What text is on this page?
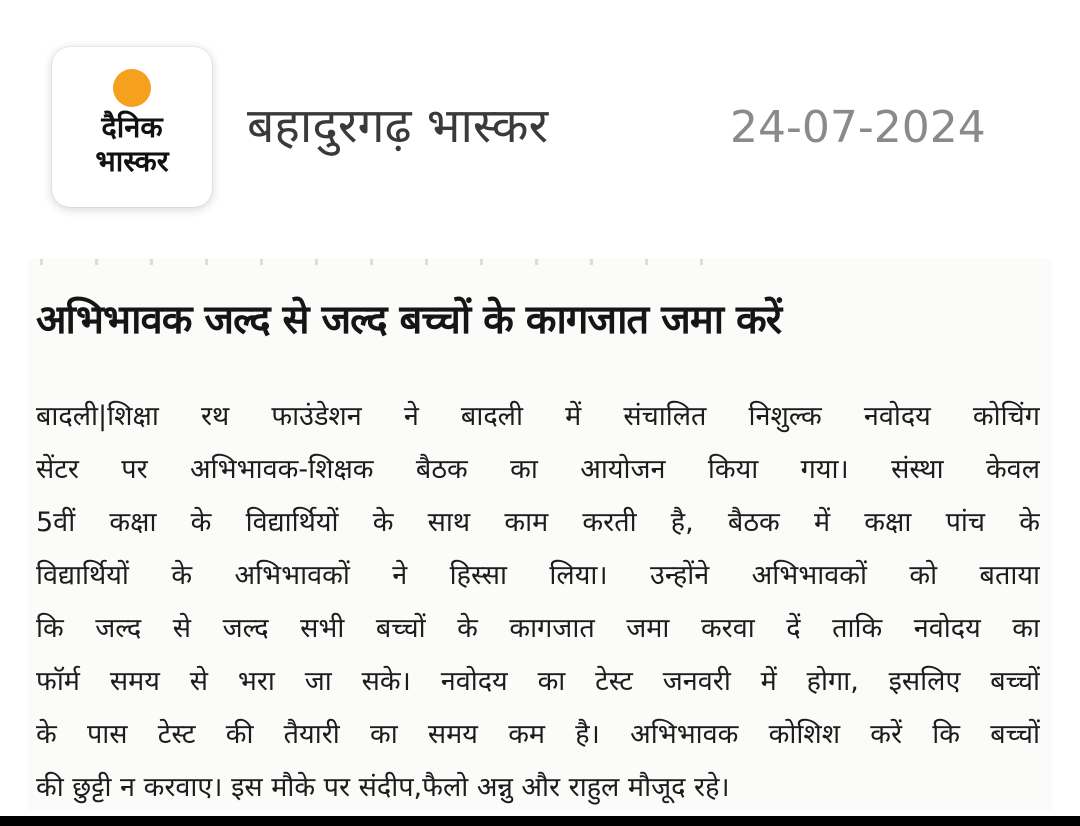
दैनिक
भास्कर
बहादुरगढ़ भास्कर	24-07-2024
अभिभावक जल्द से जल्द बच्चों के कागजात जमा करें
बादली|शिक्षा रथ फाउंडेशन ने बादली में संचालित निशुल्क नवोदय कोचिंग
सेंटर पर अभिभावक-शिक्षक बैठक का आयोजन किया गया। संस्था केवल
5वीं कक्षा के विद्यार्थियों के साथ काम करती है, बैठक में कक्षा पांच के
विद्यार्थियों के अभिभावकों ने हिस्सा लिया। उन्होंने अभिभावकों को बताया
कि जल्द से जल्द सभी बच्चों के कागजात जमा करवा दें ताकि नवोदय का
फॉर्म समय से भरा जा सके। नवोदय का टेस्ट जनवरी में होगा, इसलिए बच्चों
के पास टेस्ट की तैयारी का समय कम है। अभिभावक कोशिश करें कि बच्चों
की छुट्टी न करवाए। इस मौके पर संदीप,फैलो अन्नु और राहुल मौजूद रहे।
